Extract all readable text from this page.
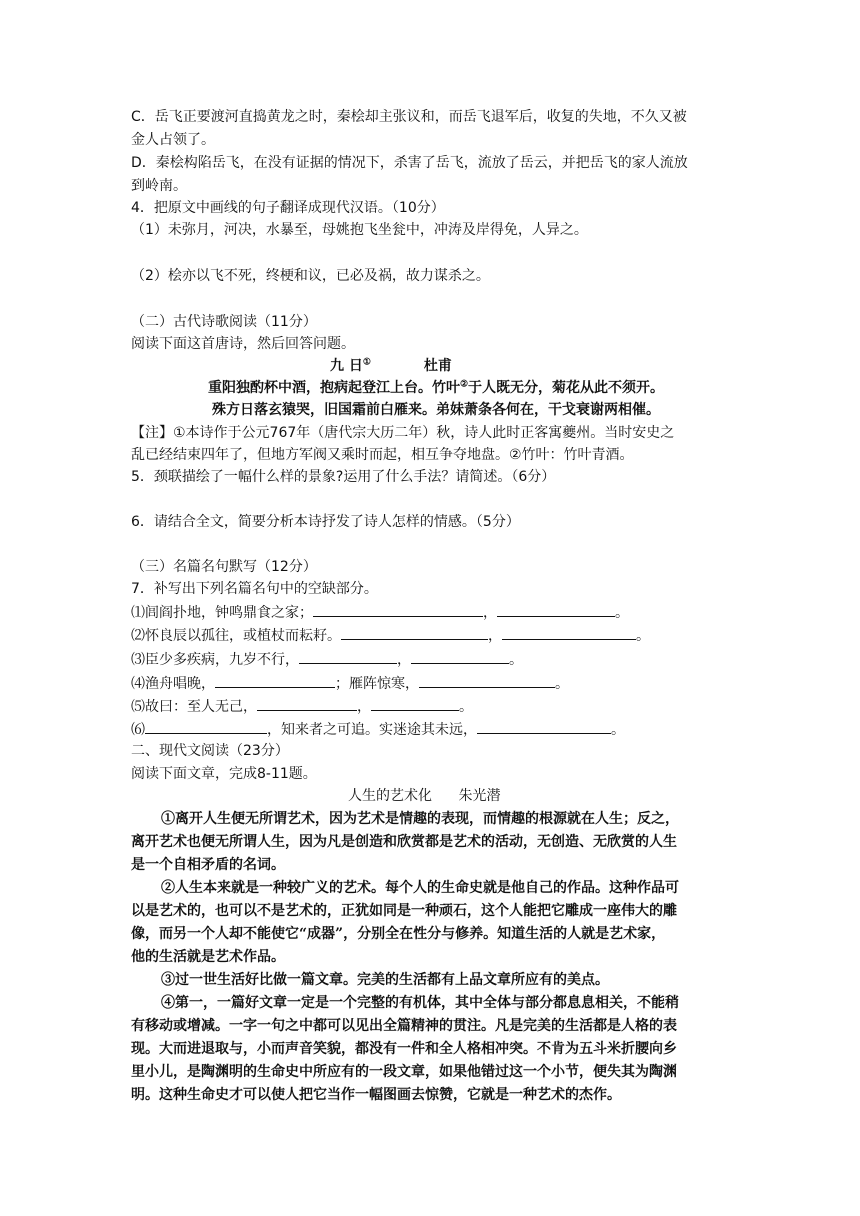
C．岳飞正要渡河直捣黄龙之时，秦桧却主张议和，而岳飞退军后，收复的失地，不久又被
金人占领了。
D．秦桧构陷岳飞，在没有证据的情况下，杀害了岳飞，流放了岳云，并把岳飞的家人流放
到岭南。
4．把原文中画线的句子翻译成现代汉语。（10分）
（1）未弥月，河决，水暴至，母姚抱飞坐瓮中，冲涛及岸得免，人异之。
（2）桧亦以飞不死，终梗和议，已必及祸，故力谋杀之。
（二）古代诗歌阅读（11分）
阅读下面这首唐诗，然后回答问题。
九 日①	杜甫
重阳独酌杯中酒，抱病起登江上台。竹叶②于人既无分，菊花从此不须开。
殊方日落玄猿哭，旧国霜前白雁来。弟妹萧条各何在，干戈衰谢两相催。
【注】①本诗作于公元767年（唐代宗大历二年）秋，诗人此时正客寓夔州。当时安史之
乱已经结束四年了，但地方军阀又乘时而起，相互争夺地盘。②竹叶：竹叶青酒。
5．颈联描绘了一幅什么样的景象?运用了什么手法？请简述。（6分）
6．请结合全文，简要分析本诗抒发了诗人怎样的情感。（5分）
（三）名篇名句默写（12分）
7．补写出下列名篇名句中的空缺部分。
⑴闾阎扑地，钟鸣鼎食之家；	，	。
⑵怀良辰以孤往，或植杖而耘耔。	，	。
⑶臣少多疾病，九岁不行，	，	。
⑷渔舟唱晚，	；雁阵惊寒，	。
⑸故曰：至人无己，	，	。
⑹	，知来者之可追。实迷途其未远，	。
二、现代文阅读（23分）
阅读下面文章，完成8-11题。
人生的艺术化 朱光潜
①离开人生便无所谓艺术，因为艺术是情趣的表现，而情趣的根源就在人生；反之，
离开艺术也便无所谓人生，因为凡是创造和欣赏都是艺术的活动，无创造、无欣赏的人生
是一个自相矛盾的名词。
②人生本来就是一种较广义的艺术。每个人的生命史就是他自己的作品。这种作品可
以是艺术的，也可以不是艺术的，正犹如同是一种顽石，这个人能把它雕成一座伟大的雕
像，而另一个人却不能使它“成器”，分别全在性分与修养。知道生活的人就是艺术家，
他的生活就是艺术作品。
③过一世生活好比做一篇文章。完美的生活都有上品文章所应有的美点。
④第一，一篇好文章一定是一个完整的有机体，其中全体与部分都息息相关，不能稍
有移动或增减。一字一句之中都可以见出全篇精神的贯注。凡是完美的生活都是人格的表
现。大而进退取与，小而声音笑貌，都没有一件和全人格相冲突。不肯为五斗米折腰向乡
里小儿，是陶渊明的生命史中所应有的一段文章，如果他错过这一个小节，便失其为陶渊
明。这种生命史才可以使人把它当作一幅图画去惊赞，它就是一种艺术的杰作。
